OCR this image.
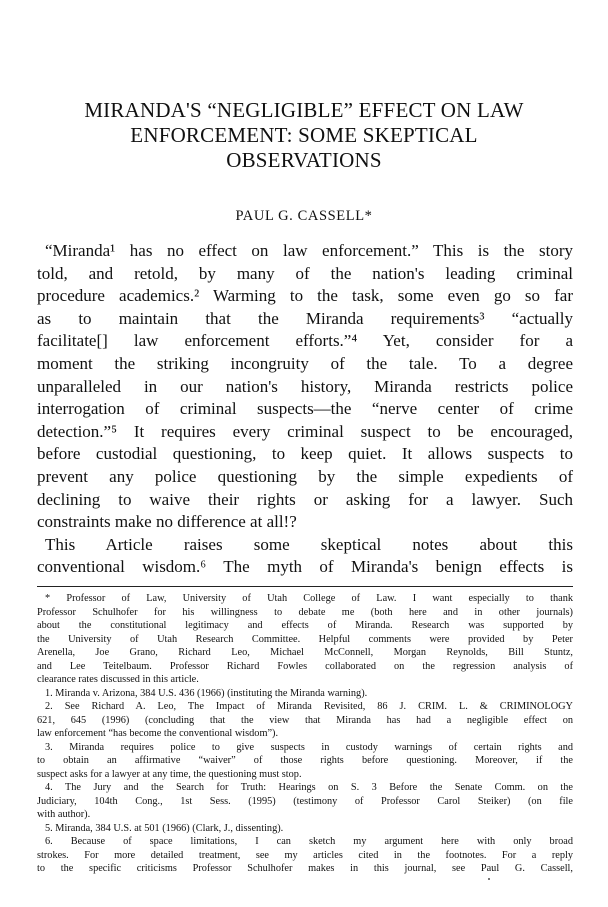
MIRANDA'S “NEGLIGIBLE” EFFECT ON LAW
ENFORCEMENT: SOME SKEPTICAL
OBSERVATIONS
PAUL G. CASSELL*
“Miranda¹ has no effect on law enforcement.” This is the story
told, and retold, by many of the nation's leading criminal
procedure academics.² Warming to the task, some even go so far
as to maintain that the Miranda requirements³ “actually
facilitate[] law enforcement efforts.”⁴ Yet, consider for a
moment the striking incongruity of the tale. To a degree
unparalleled in our nation's history, Miranda restricts police
interrogation of criminal suspects—the “nerve center of crime
detection.”⁵ It requires every criminal suspect to be encouraged,
before custodial questioning, to keep quiet. It allows suspects to
prevent any police questioning by the simple expedients of
declining to waive their rights or asking for a lawyer. Such
constraints make no difference at all!?
This Article raises some skeptical notes about this
conventional wisdom.⁶ The myth of Miranda's benign effects is
* Professor of Law, University of Utah College of Law. I want especially to thank
Professor Schulhofer for his willingness to debate me (both here and in other journals)
about the constitutional legitimacy and effects of Miranda. Research was supported by
the University of Utah Research Committee. Helpful comments were provided by Peter
Arenella, Joe Grano, Richard Leo, Michael McConnell, Morgan Reynolds, Bill Stuntz,
and Lee Teitelbaum. Professor Richard Fowles collaborated on the regression analysis of
clearance rates discussed in this article.
1. Miranda v. Arizona, 384 U.S. 436 (1966) (instituting the Miranda warning).
2. See Richard A. Leo, The Impact of Miranda Revisited, 86 J. CRIM. L. & CRIMINOLOGY
621, 645 (1996) (concluding that the view that Miranda has had a negligible effect on
law enforcement “has become the conventional wisdom”).
3. Miranda requires police to give suspects in custody warnings of certain rights and
to obtain an affirmative “waiver” of those rights before questioning. Moreover, if the
suspect asks for a lawyer at any time, the questioning must stop.
4. The Jury and the Search for Truth: Hearings on S. 3 Before the Senate Comm. on the
Judiciary, 104th Cong., 1st Sess. (1995) (testimony of Professor Carol Steiker) (on file
with author).
5. Miranda, 384 U.S. at 501 (1966) (Clark, J., dissenting).
6. Because of space limitations, I can sketch my argument here with only broad
strokes. For more detailed treatment, see my articles cited in the footnotes. For a reply
to the specific criticisms Professor Schulhofer makes in this journal, see Paul G. Cassell,
